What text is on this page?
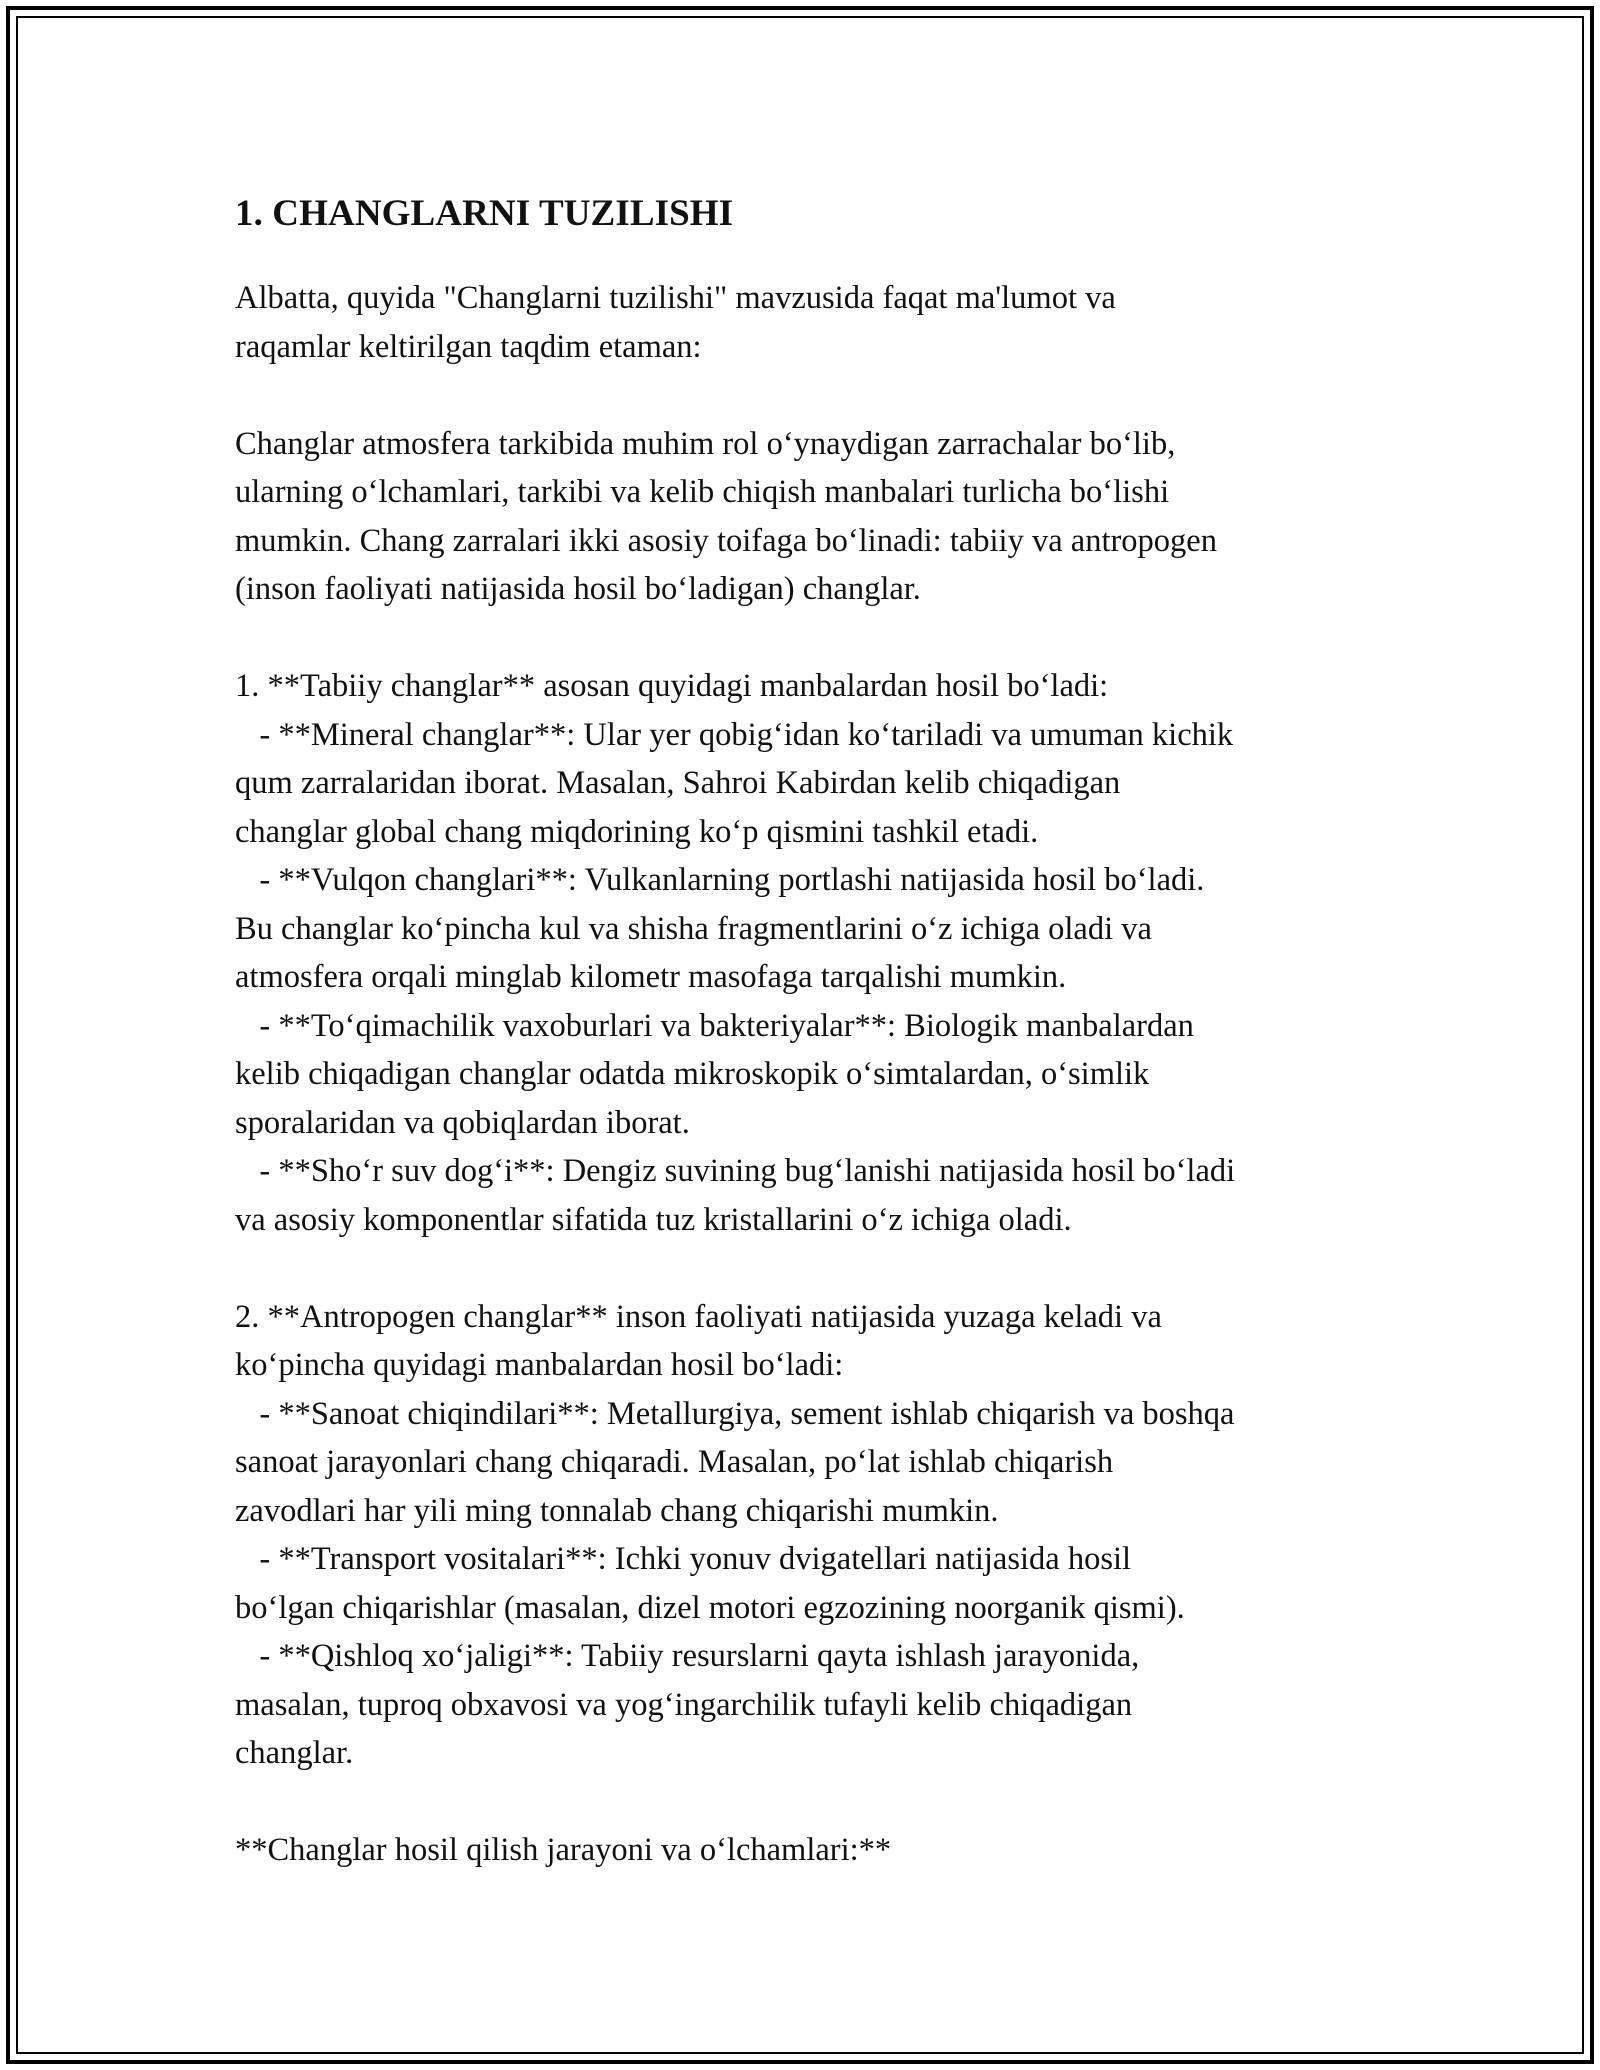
1. CHANGLARNI TUZILISHI
Albatta, quyida "Changlarni tuzilishi" mavzusida faqat ma'lumot va
raqamlar keltirilgan taqdim etaman:
Changlar atmosfera tarkibida muhim rol o‘ynaydigan zarrachalar bo‘lib,
ularning o‘lchamlari, tarkibi va kelib chiqish manbalari turlicha bo‘lishi
mumkin. Chang zarralari ikki asosiy toifaga bo‘linadi: tabiiy va antropogen
(inson faoliyati natijasida hosil bo‘ladigan) changlar.
1. **Tabiiy changlar** asosan quyidagi manbalardan hosil bo‘ladi:
- **Mineral changlar**: Ular yer qobig‘idan ko‘tariladi va umuman kichik
qum zarralaridan iborat. Masalan, Sahroi Kabirdan kelib chiqadigan
changlar global chang miqdorining ko‘p qismini tashkil etadi.
- **Vulqon changlari**: Vulkanlarning portlashi natijasida hosil bo‘ladi.
Bu changlar ko‘pincha kul va shisha fragmentlarini o‘z ichiga oladi va
atmosfera orqali minglab kilometr masofaga tarqalishi mumkin.
- **To‘qimachilik vaxoburlari va bakteriyalar**: Biologik manbalardan
kelib chiqadigan changlar odatda mikroskopik o‘simtalardan, o‘simlik
sporalaridan va qobiqlardan iborat.
- **Sho‘r suv dog‘i**: Dengiz suvining bug‘lanishi natijasida hosil bo‘ladi
va asosiy komponentlar sifatida tuz kristallarini o‘z ichiga oladi.
2. **Antropogen changlar** inson faoliyati natijasida yuzaga keladi va
ko‘pincha quyidagi manbalardan hosil bo‘ladi:
- **Sanoat chiqindilari**: Metallurgiya, sement ishlab chiqarish va boshqa
sanoat jarayonlari chang chiqaradi. Masalan, po‘lat ishlab chiqarish
zavodlari har yili ming tonnalab chang chiqarishi mumkin.
- **Transport vositalari**: Ichki yonuv dvigatellari natijasida hosil
bo‘lgan chiqarishlar (masalan, dizel motori egzozining noorganik qismi).
- **Qishloq xo‘jaligi**: Tabiiy resurslarni qayta ishlash jarayonida,
masalan, tuproq obxavosi va yog‘ingarchilik tufayli kelib chiqadigan
changlar.
**Changlar hosil qilish jarayoni va o‘lchamlari:**
